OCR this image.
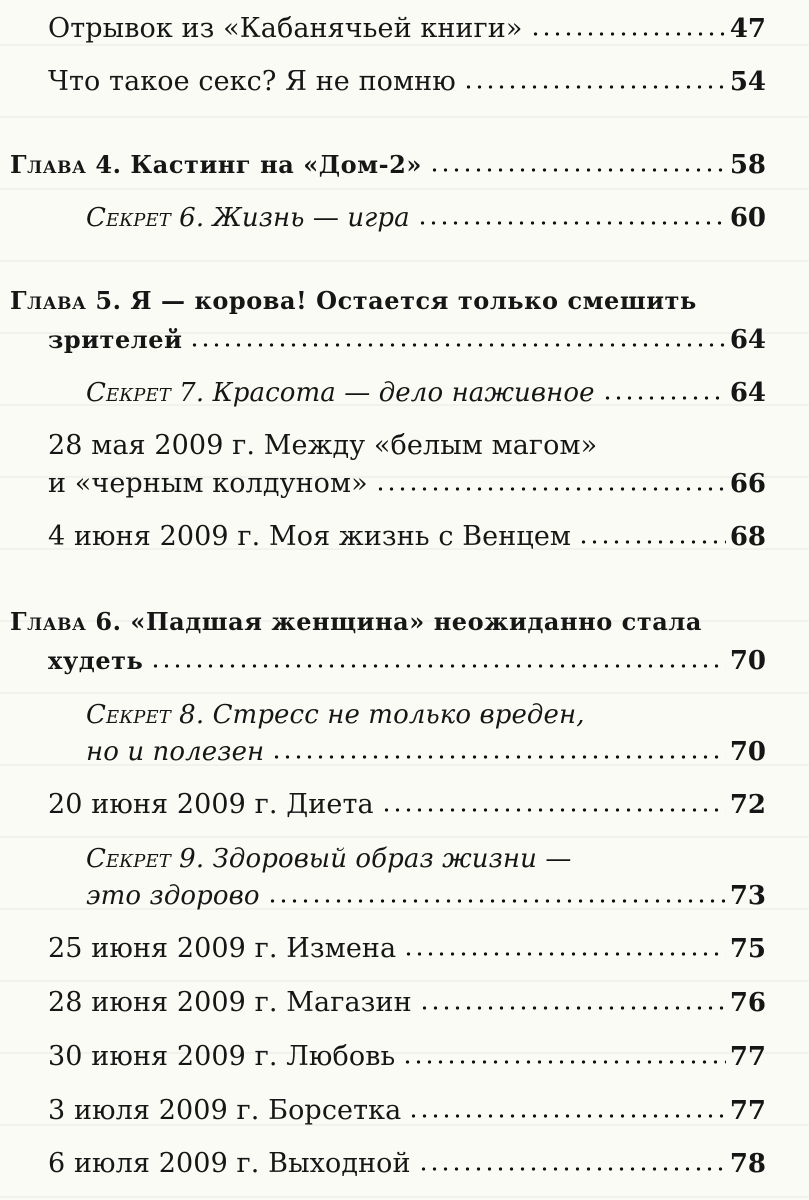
Отрывок из «Кабанячьей книги»	47
Что такое секс? Я не помню	54
Глава 4. Кастинг на «Дом-2»	58
Секрет 6. Жизнь — игра	60
Глава 5. Я — корова! Остается только смешить
зрителей	64
Секрет 7. Красота — дело наживное	64
28 мая 2009 г. Между «белым магом»
и «черным колдуном»	66
4 июня 2009 г. Моя жизнь с Венцем	68
Глава 6. «Падшая женщина» неожиданно стала
худеть	70
Секрет 8. Стресс не только вреден,
но и полезен	70
20 июня 2009 г. Диета	72
Секрет 9. Здоровый образ жизни —
это здорово	73
25 июня 2009 г. Измена	75
28 июня 2009 г. Магазин	76
30 июня 2009 г. Любовь	77
3 июля 2009 г. Борсетка	77
6 июля 2009 г. Выходной	78
